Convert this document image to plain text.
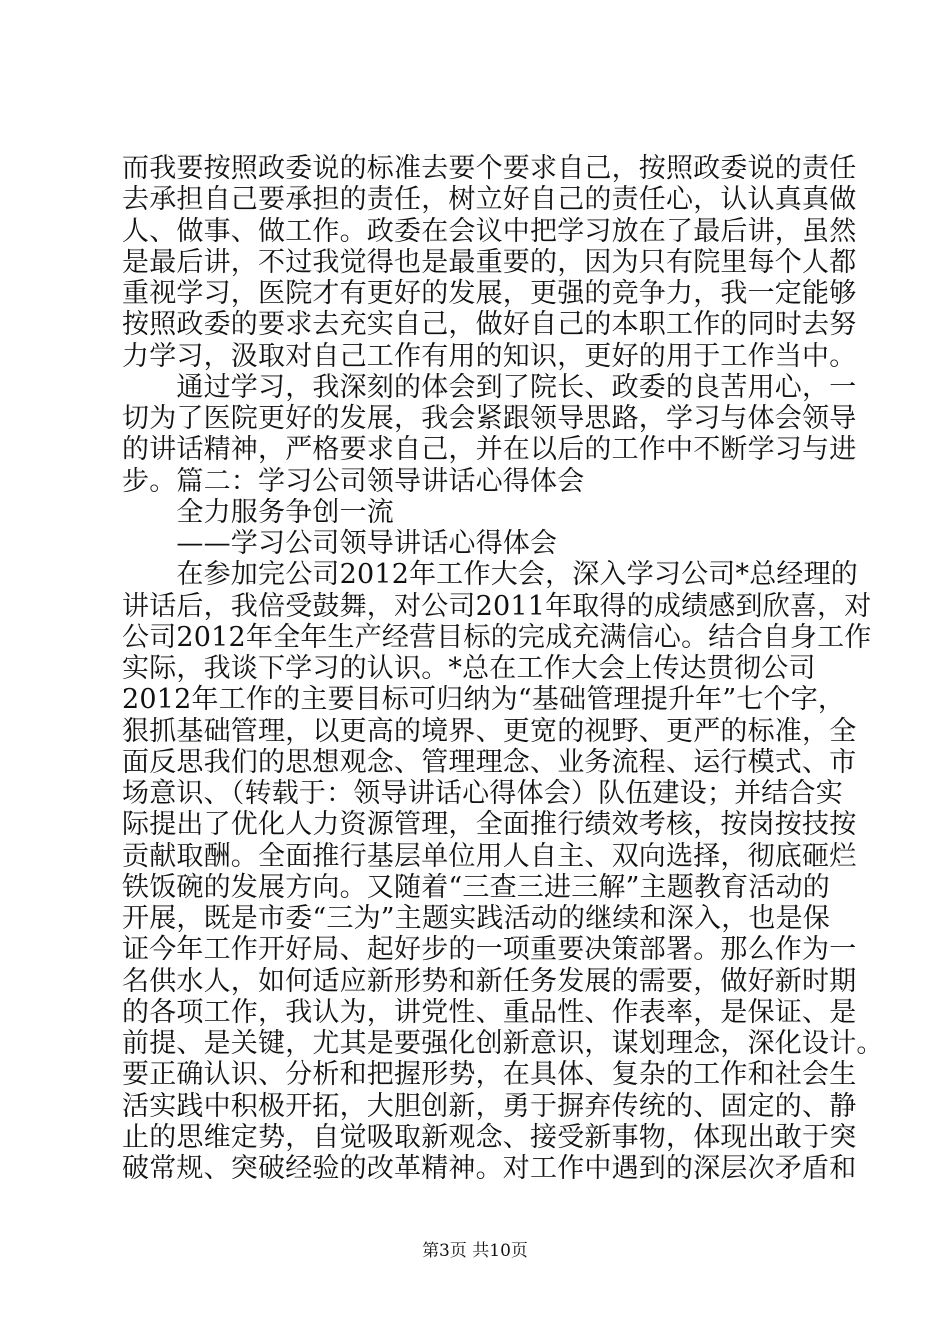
而我要按照政委说的标准去要个要求自己，按照政委说的责任
去承担自己要承担的责任，树立好自己的责任心，认认真真做
人、做事、做工作。政委在会议中把学习放在了最后讲，虽然
是最后讲，不过我觉得也是最重要的，因为只有院里每个人都
重视学习，医院才有更好的发展，更强的竞争力，我一定能够
按照政委的要求去充实自己，做好自己的本职工作的同时去努
力学习，汲取对自己工作有用的知识，更好的用于工作当中。
　　通过学习，我深刻的体会到了院长、政委的良苦用心，一
切为了医院更好的发展，我会紧跟领导思路，学习与体会领导
的讲话精神，严格要求自己，并在以后的工作中不断学习与进
步。篇二：学习公司领导讲话心得体会
　　全力服务争创一流
　　——学习公司领导讲话心得体会
　　在参加完公司2012年工作大会，深入学习公司*总经理的
讲话后，我倍受鼓舞，对公司2011年取得的成绩感到欣喜，对
公司2012年全年生产经营目标的完成充满信心。结合自身工作
实际，我谈下学习的认识。*总在工作大会上传达贯彻公司
2012年工作的主要目标可归纳为“基础管理提升年”七个字，
狠抓基础管理，以更高的境界、更宽的视野、更严的标准，全
面反思我们的思想观念、管理理念、业务流程、运行模式、市
场意识、（转载于：领导讲话心得体会）队伍建设；并结合实
际提出了优化人力资源管理，全面推行绩效考核，按岗按技按
贡献取酬。全面推行基层单位用人自主、双向选择，彻底砸烂
铁饭碗的发展方向。又随着“三查三进三解”主题教育活动的
开展，既是市委“三为”主题实践活动的继续和深入，也是保
证今年工作开好局、起好步的一项重要决策部署。那么作为一
名供水人，如何适应新形势和新任务发展的需要，做好新时期
的各项工作，我认为，讲党性、重品性、作表率，是保证、是
前提、是关键，尤其是要强化创新意识，谋划理念，深化设计。
要正确认识、分析和把握形势，在具体、复杂的工作和社会生
活实践中积极开拓，大胆创新，勇于摒弃传统的、固定的、静
止的思维定势，自觉吸取新观念、接受新事物，体现出敢于突
破常规、突破经验的改革精神。对工作中遇到的深层次矛盾和
第3页 共10页
